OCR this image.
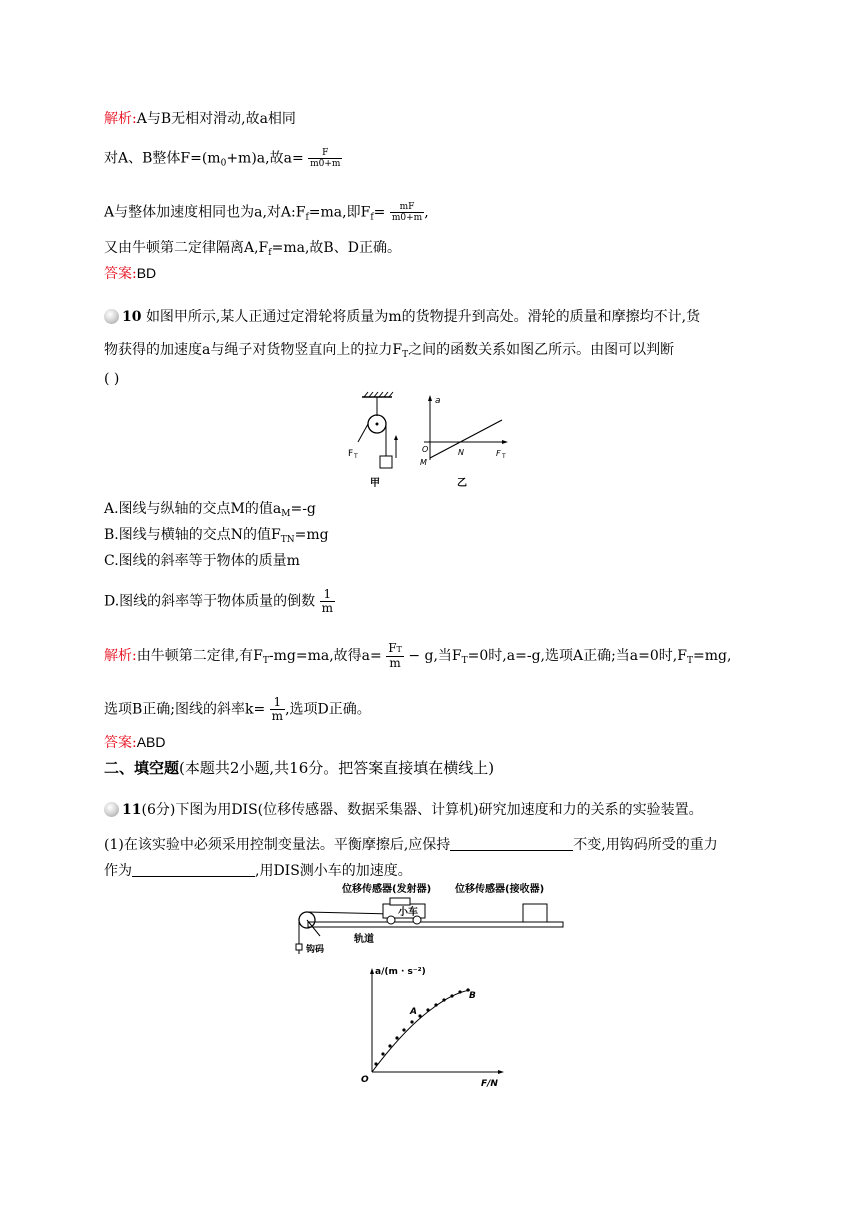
解析:A与B无相对滑动,故a相同
对A、B整体$F=(m_0+m)a$,故$a= \frac{F}{m0+m}$
A与整体加速度相同也为a,对$A:F_f=ma$,即$F_f= \frac{mF}{m0+m}$ ,
又由牛顿第二定律隔离$A,F_f=ma$,故B、D正确。
答案:BD
10 如图甲所示,某人正通过定滑轮将质量为m的货物提升到高处。滑轮的质量和摩擦均不计,货
物获得的加速度a与绳子对货物竖直向上的拉力$F_T$之间的函数关系如图乙所示。由图可以判断
( )
F T
甲
a
O
M
N	F T
乙
A.图线与纵轴的交点M的值$a_M=-g$
B.图线与横轴的交点N的值$F_{TN}=mg$
C.图线的斜率等于物体的质量m
D.图线的斜率等于物体质量的倒数 $\frac{1}{m}$
解析:由牛顿第二定律,有$F_T-mg=ma$,故得$a= \frac{FT}{m} - g$,当$F_T=0$时,a=-g,选项A正确;当a=0时$,F_T=mg$,
选项B正确;图线的斜率$k= \frac{1}{m}$ ,选项D正确。
答案:ABD
二、填空题(本题共2小题,共16分。把答案直接填在横线上)
11(6分)下图为用DIS(位移传感器、数据采集器、计算机)研究加速度和力的关系的实验装置。
(1)在该实验中必须采用控制变量法。平衡摩擦后,应保持	不变,用钩码所受的重力
作为	,用DIS测小车的加速度。
位移传感器(发射器) 位移传感器(接收器)
钩码
小车
轨道
a/(m · s⁻²)
F/N
O
A
B
